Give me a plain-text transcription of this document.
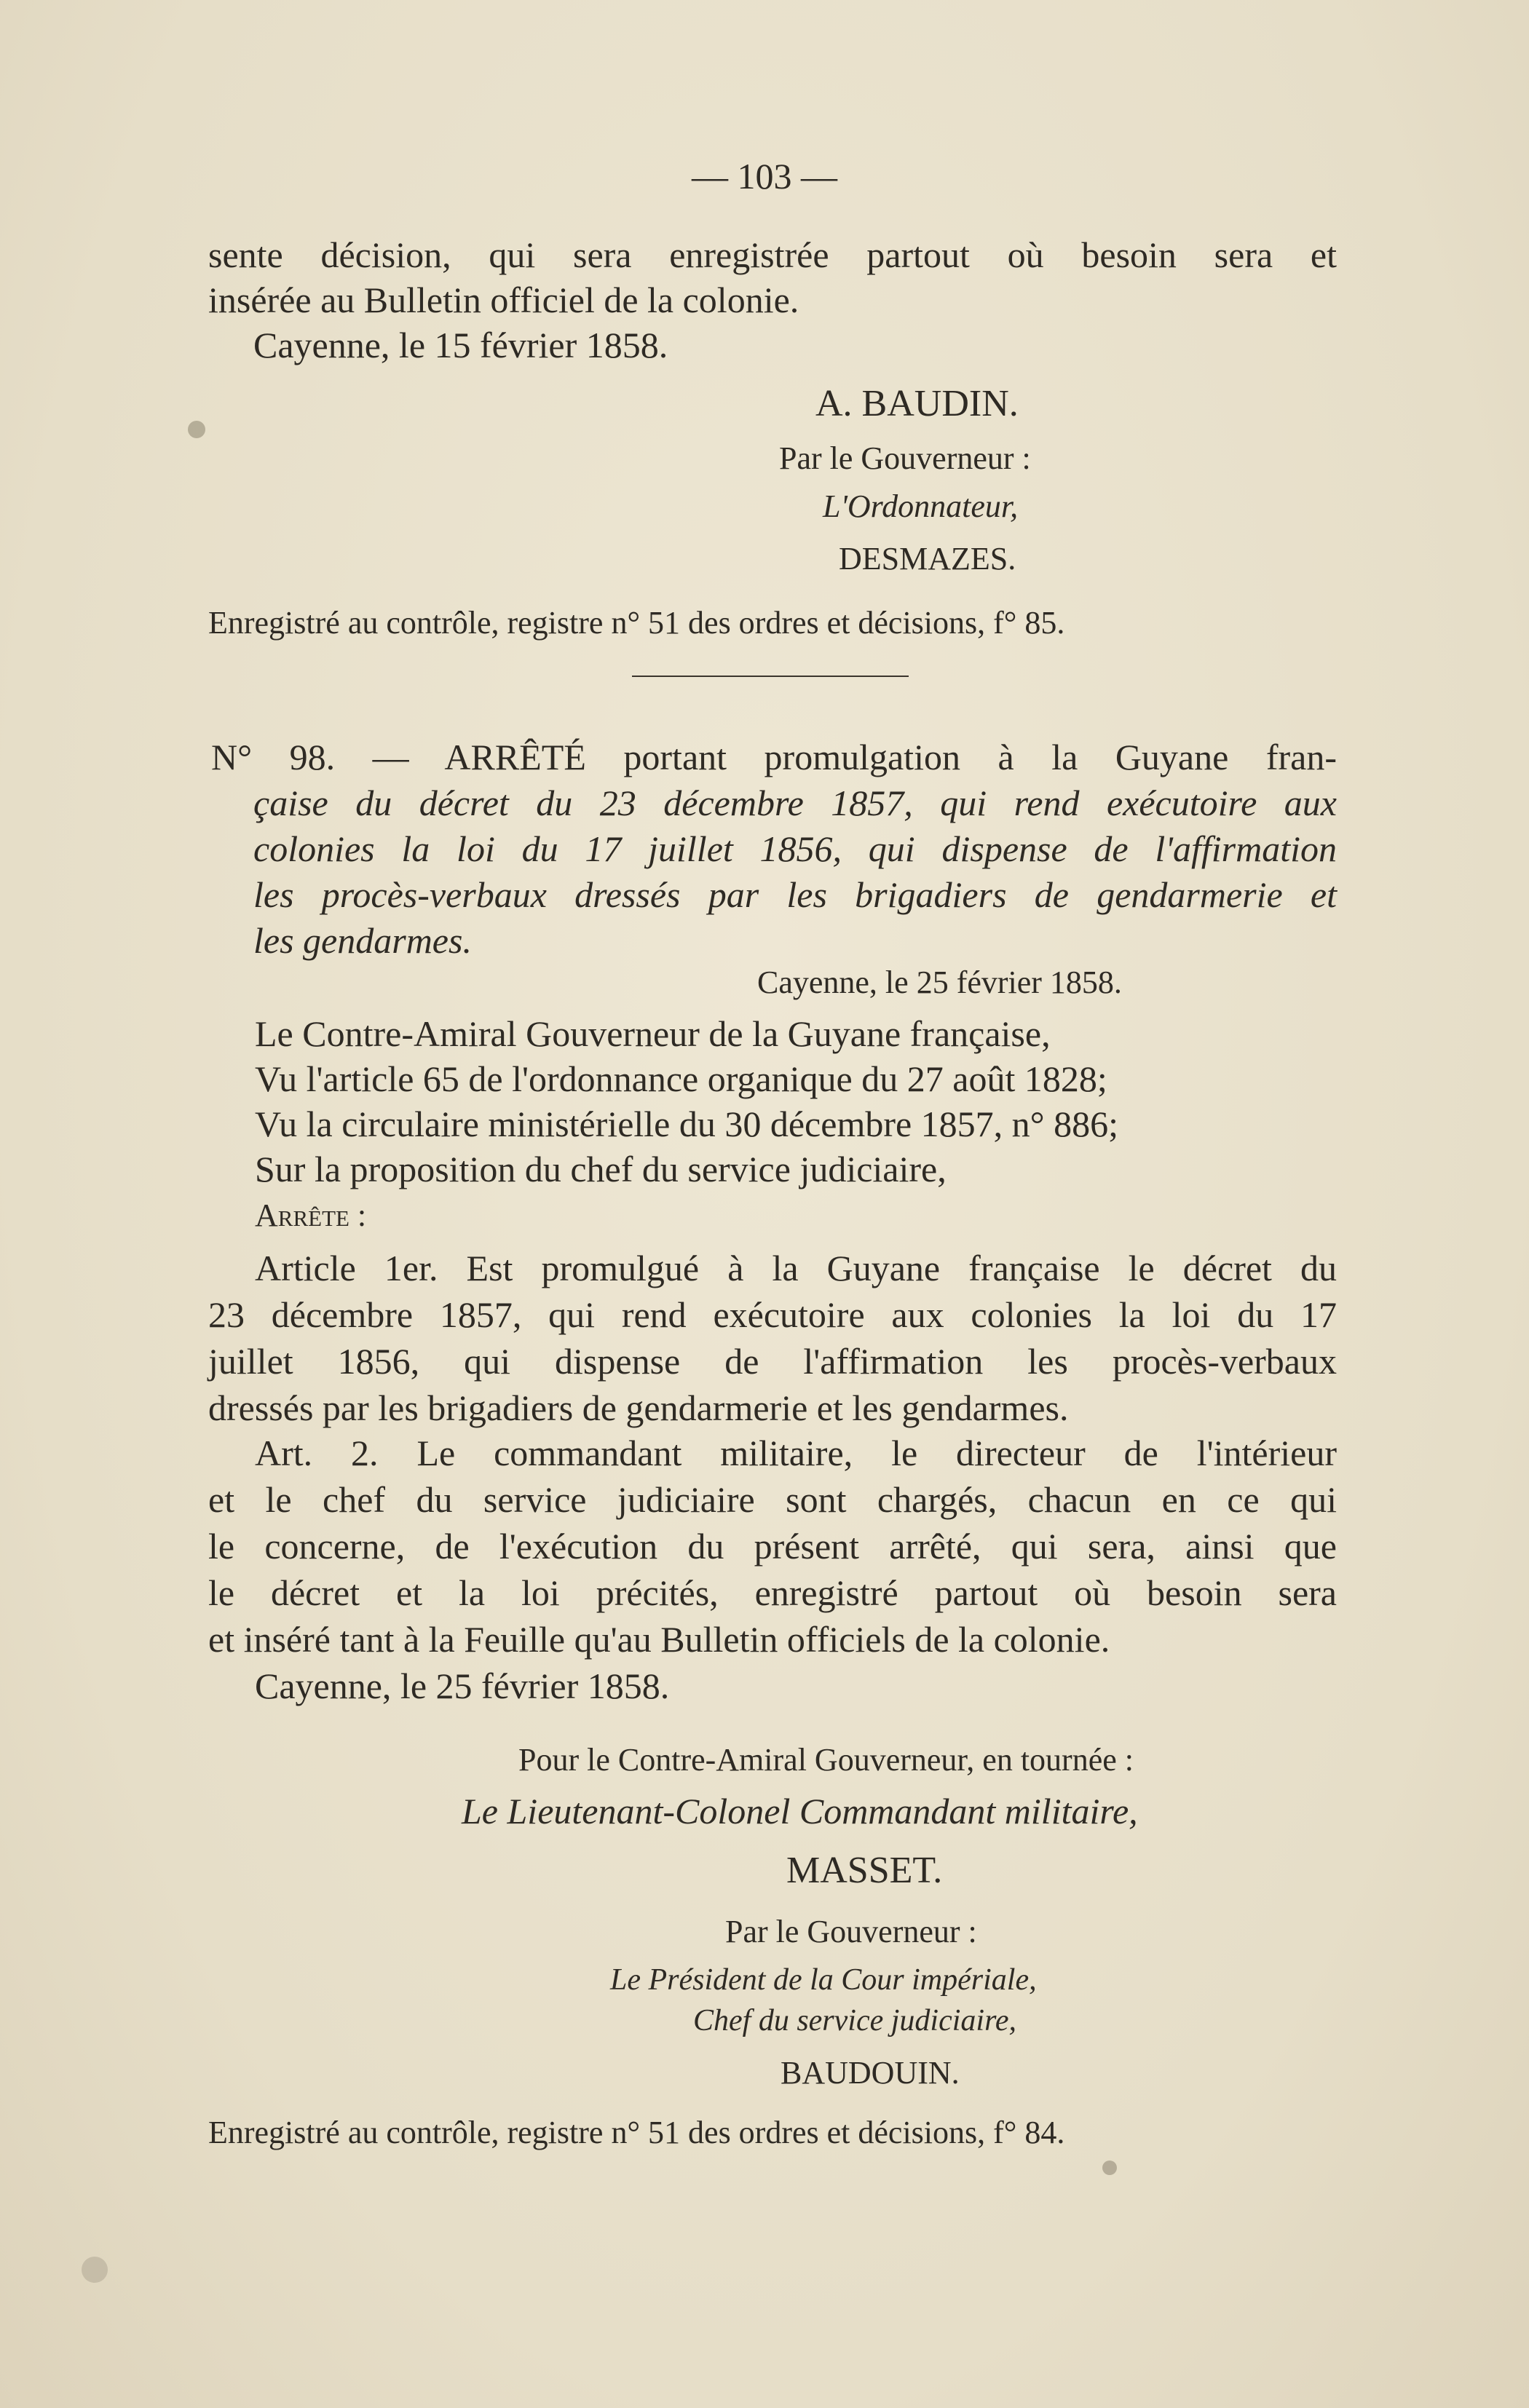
— 103 —
sente décision, qui sera enregistrée partout où besoin sera et
insérée au Bulletin officiel de la colonie.
Cayenne, le 15 février 1858.
A. BAUDIN.
Par le Gouverneur :
L'Ordonnateur,
DESMAZES.
Enregistré au contrôle, registre n° 51 des ordres et décisions, f° 85.
N° 98. — ARRÊTÉ portant promulgation à la Guyane fran-
çaise du décret du 23 décembre 1857, qui rend exécutoire aux
colonies la loi du 17 juillet 1856, qui dispense de l'affirmation
les procès-verbaux dressés par les brigadiers de gendarmerie et
les gendarmes.
Cayenne, le 25 février 1858.
Le Contre-Amiral Gouverneur de la Guyane française,
Vu l'article 65 de l'ordonnance organique du 27 août 1828;
Vu la circulaire ministérielle du 30 décembre 1857, n° 886;
Sur la proposition du chef du service judiciaire,
Arrête :
Article 1er. Est promulgué à la Guyane française le décret du
23 décembre 1857, qui rend exécutoire aux colonies la loi du 17
juillet 1856, qui dispense de l'affirmation les procès-verbaux
dressés par les brigadiers de gendarmerie et les gendarmes.
Art. 2. Le commandant militaire, le directeur de l'intérieur
et le chef du service judiciaire sont chargés, chacun en ce qui
le concerne, de l'exécution du présent arrêté, qui sera, ainsi que
le décret et la loi précités, enregistré partout où besoin sera
et inséré tant à la Feuille qu'au Bulletin officiels de la colonie.
Cayenne, le 25 février 1858.
Pour le Contre-Amiral Gouverneur, en tournée :
Le Lieutenant-Colonel Commandant militaire,
MASSET.
Par le Gouverneur :
Le Président de la Cour impériale,
Chef du service judiciaire,
BAUDOUIN.
Enregistré au contrôle, registre n° 51 des ordres et décisions, f° 84.
